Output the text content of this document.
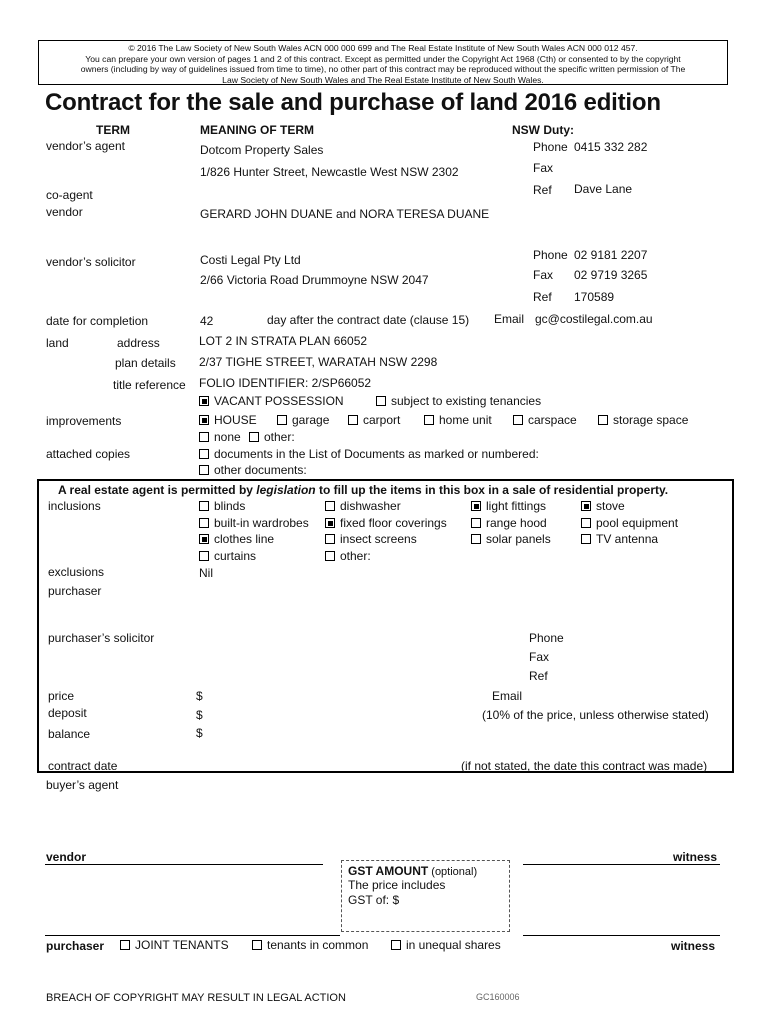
© 2016 The Law Society of New South Wales ACN 000 000 699 and The Real Estate Institute of New South Wales ACN 000 012 457.
You can prepare your own version of pages 1 and 2 of this contract. Except as permitted under the Copyright Act 1968 (Cth) or consented to by the copyright
owners (including by way of guidelines issued from time to time), no other part of this contract may be reproduced without the specific written permission of The
Law Society of New South Wales and The Real Estate Institute of New South Wales.
Contract for the sale and purchase of land 2016 edition
TERM	MEANING OF TERM	NSW Duty:
vendor’s agent	Dotcom Property Sales
1/826 Hunter Street, Newcastle West NSW 2302
Phone 0415 332 282
Fax
Ref Dave Lane
co-agent
vendor	GERARD JOHN DUANE and NORA TERESA DUANE
vendor’s solicitor	Costi Legal Pty Ltd
2/66 Victoria Road Drummoyne NSW 2047
Phone 02 9181 2207
Fax 02 9719 3265
Ref 170589
date for completion	42	day after the contract date (clause 15) Email gc@costilegal.com.au
land	address	LOT 2 IN STRATA PLAN 66052
plan details 2/37 TIGHE STREET, WARATAH NSW 2298
title reference FOLIO IDENTIFIER: 2/SP66052
VACANT POSSESSION	subject to existing tenancies
improvements	HOUSE	garage	carport	home unit	carspace	storage space
none	other:
attached copies	documents in the List of Documents as marked or numbered:
other documents:
A real estate agent is permitted by legislation to fill up the items in this box in a sale of residential property.
inclusions	blinds	dishwasher	light fittings	stove
built-in wardrobes	fixed floor coverings	range hood	pool equipment
clothes line	insect screens	solar panels	TV antenna
curtains	other:
exclusions	Nil
purchaser
purchaser’s solicitor	Phone
Fax
Ref
price	$	Email
deposit	$	(10% of the price, unless otherwise stated)
balance	$
contract date	(if not stated, the date this contract was made)
buyer’s agent
vendor	witness
GST AMOUNT (optional)
The price includes
GST of: $
purchaser	JOINT TENANTS	tenants in common	in unequal shares	witness
BREACH OF COPYRIGHT MAY RESULT IN LEGAL ACTION	GC160006
